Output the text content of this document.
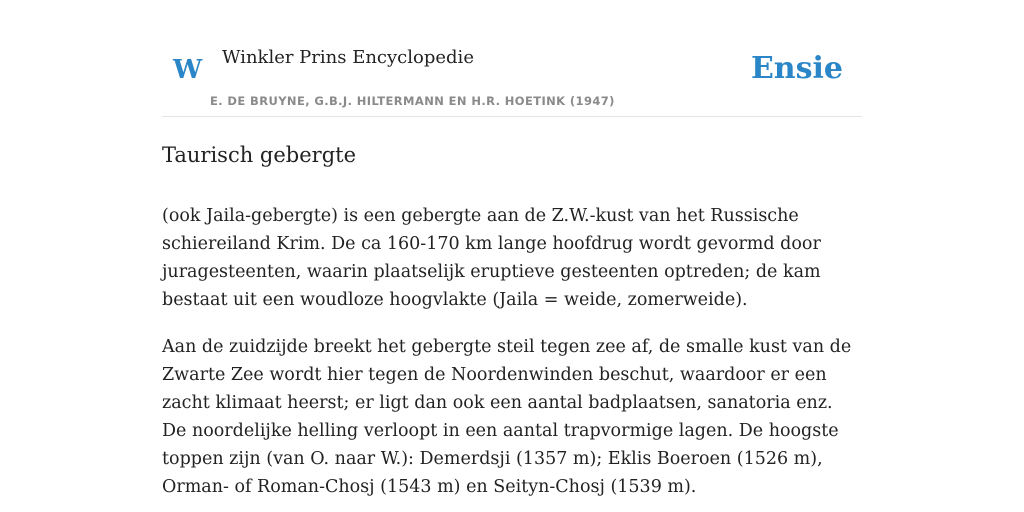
W Winkler Prins Encyclopedie	Ensie
E. DE BRUYNE, G.B.J. HILTERMANN EN H.R. HOETINK (1947)
Taurisch gebergte

(ook Jaila-gebergte) is een gebergte aan de Z.W.-kust van het Russische schiereiland Krim. De ca 160-170 km lange hoofdrug wordt gevormd door juragesteenten, waarin plaatselijk eruptieve gesteenten optreden; de kam bestaat uit een woudloze hoogvlakte (Jaila = weide, zomerweide).

Aan de zuidzijde breekt het gebergte steil tegen zee af, de smalle kust van de Zwarte Zee wordt hier tegen de Noordenwinden beschut, waardoor er een zacht klimaat heerst; er ligt dan ook een aantal badplaatsen, sanatoria enz. De noordelijke helling verloopt in een aantal trapvormige lagen. De hoogste toppen zijn (van O. naar W.): Demerdsji (1357 m); Eklis Boeroen (1526 m), Orman- of Roman-Chosj (1543 m) en Seityn-Chosj (1539 m).
